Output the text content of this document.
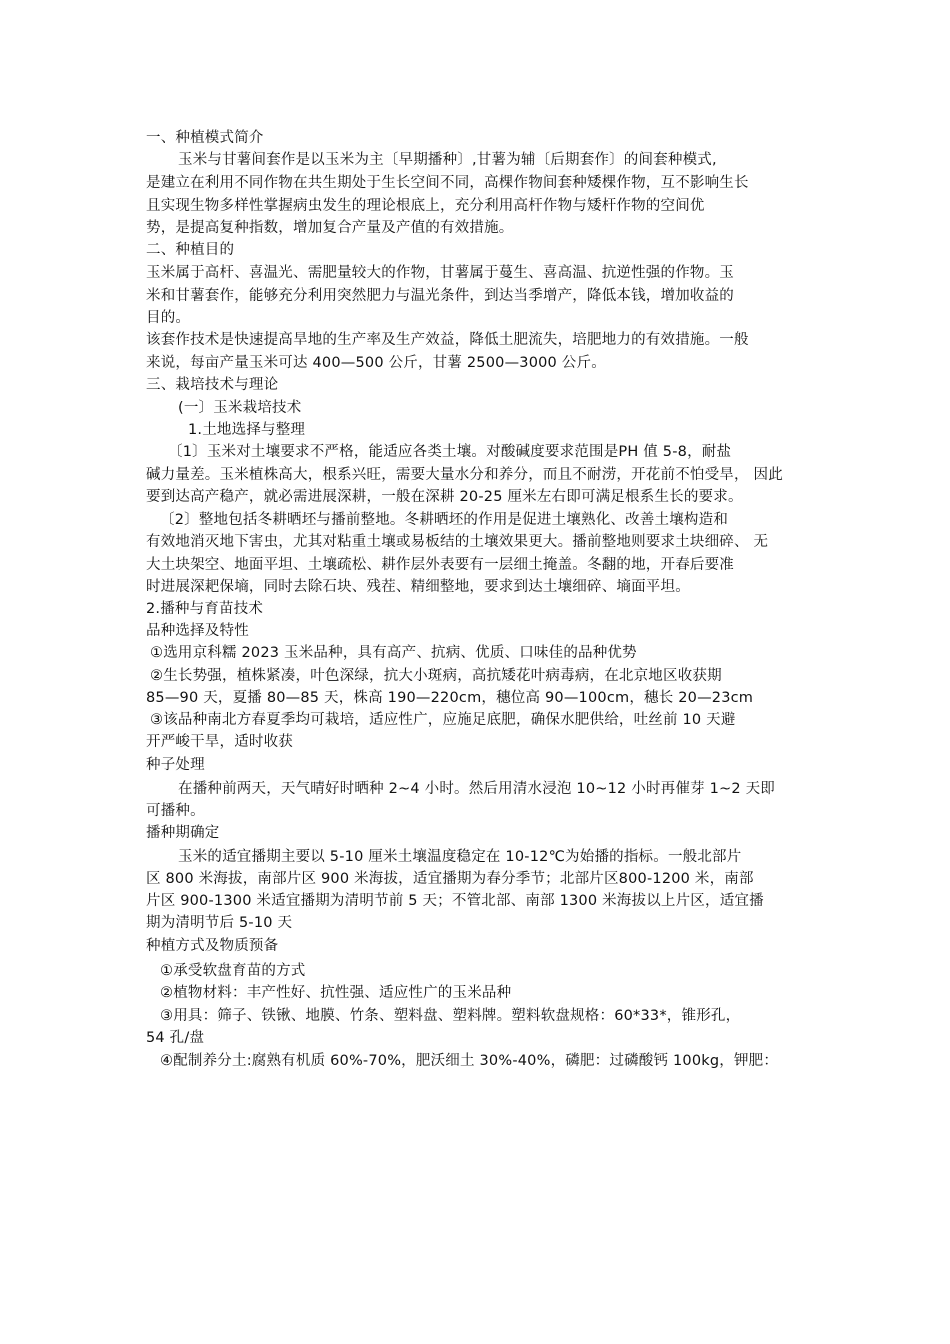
一、种植模式简介
玉米与甘薯间套作是以玉米为主〔早期播种〕,甘薯为辅〔后期套作〕的间套种模式,
是建立在利用不同作物在共生期处于生长空间不同，高棵作物间套种矮棵作物，互不影响生长
且实现生物多样性掌握病虫发生的理论根底上，充分利用高杆作物与矮杆作物的空间优
势，是提高复种指数，增加复合产量及产值的有效措施。
二、种植目的
玉米属于高杆、喜温光、需肥量较大的作物，甘薯属于蔓生、喜高温、抗逆性强的作物。玉
米和甘薯套作，能够充分利用突然肥力与温光条件，到达当季增产，降低本钱，增加收益的
目的。
该套作技术是快速提高旱地的生产率及生产效益，降低土肥流失，培肥地力的有效措施。一般
来说，每亩产量玉米可达 400—500 公斤，甘薯 2500—3000 公斤。
三、栽培技术与理论
(一〕玉米栽培技术
1.土地选择与整理
〔1〕玉米对土壤要求不严格，能适应各类土壤。对酸碱度要求范围是PH 值 5-8，耐盐
碱力量差。玉米植株高大，根系兴旺，需要大量水分和养分，而且不耐涝，开花前不怕受旱， 因此
要到达高产稳产，就必需进展深耕，一般在深耕 20-25 厘米左右即可满足根系生长的要求。
〔2〕整地包括冬耕晒坯与播前整地。冬耕晒坯的作用是促进土壤熟化、改善土壤构造和
有效地消灭地下害虫，尤其对粘重土壤或易板结的土壤效果更大。播前整地则要求土块细碎、 无
大土块架空、地面平坦、土壤疏松、耕作层外表要有一层细土掩盖。冬翻的地，开春后要准
时进展深耙保墒，同时去除石块、残茬、精细整地，要求到达土壤细碎、墒面平坦。
2.播种与育苗技术
品种选择及特性
①选用京科糯 2023 玉米品种，具有高产、抗病、优质、口味佳的品种优势
②生长势强，植株紧凑，叶色深绿，抗大小斑病，高抗矮花叶病毒病，在北京地区收获期
85—90 天，夏播 80—85 天，株高 190—220cm，穗位高 90—100cm，穗长 20—23cm
③该品种南北方春夏季均可栽培，适应性广，应施足底肥，确保水肥供给，吐丝前 10 天避
开严峻干旱，适时收获
种子处理
在播种前两天，天气晴好时晒种 2~4 小时。然后用清水浸泡 10~12 小时再催芽 1~2 天即
可播种。
播种期确定
玉米的适宜播期主要以 5-10 厘米土壤温度稳定在 10-12℃为始播的指标。一般北部片
区 800 米海拔，南部片区 900 米海拔，适宜播期为春分季节；北部片区800-1200 米，南部
片区 900-1300 米适宜播期为清明节前 5 天；不管北部、南部 1300 米海拔以上片区，适宜播
期为清明节后 5-10 天
种植方式及物质预备
①承受软盘育苗的方式
②植物材料：丰产性好、抗性强、适应性广的玉米品种
③用具：筛子、铁锹、地膜、竹条、塑料盘、塑料牌。塑料软盘规格：60*33*，锥形孔，
54 孔/盘
④配制养分土:腐熟有机质 60%-70%，肥沃细土 30%-40%，磷肥：过磷酸钙 100kg，钾肥：
